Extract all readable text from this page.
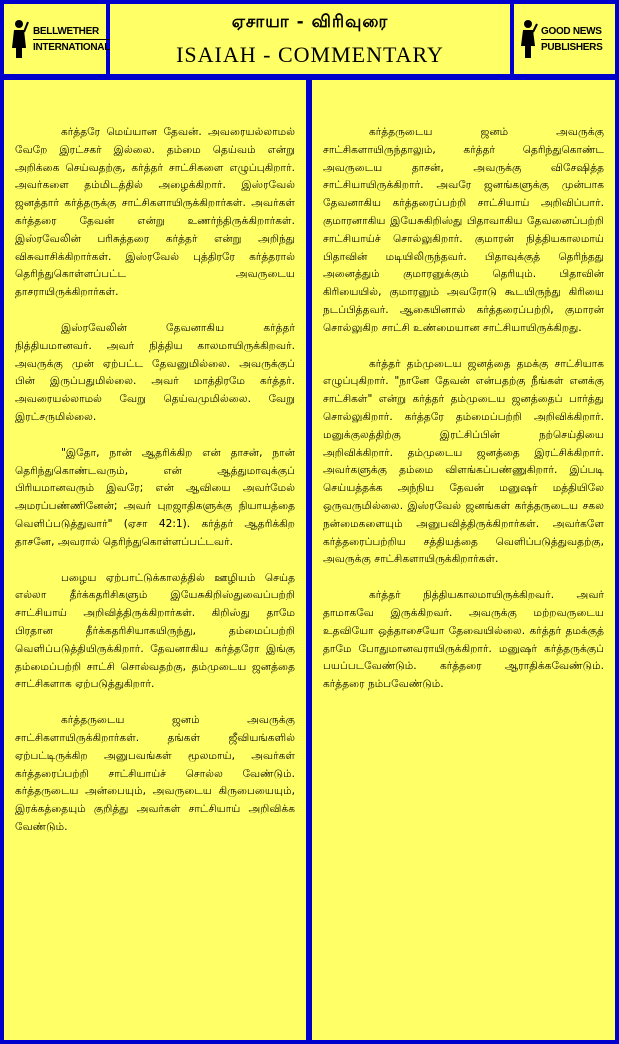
BELLWETHER
INTERNATIONAL
ஏசாயா - விரிவுரை
ISAIAH - COMMENTARY
GOOD NEWS
PUBLISHERS

கர்த்தரே மெய்யான தேவன். அவரையல்லாமல் வேறே இரட்சகர் இல்லை. தம்மை தெய்வம் என்று அறிக்கை செய்வதற்கு, கர்த்தர் சாட்சிகளை எழுப்புகிறார். அவர்களை தம்மிடத்தில் அழைக்கிறார். இஸ்ரவேல் ஜனத்தார் கர்த்தருக்கு சாட்சிகளாயிருக்கிறார்கள். அவர்கள் கர்த்தரை தேவன் என்று உணர்ந்திருக்கிறார்கள். இஸ்ரவேலின் பரிசுத்தரை கர்த்தர் என்று அறிந்து விசுவாசிக்கிறார்கள். இஸ்ரவேல் புத்திரரே கர்த்தரால் தெரிந்துகொள்ளப்பட்ட அவருடைய தாசராயிருக்கிறார்கள்.

இஸ்ரவேலின் தேவனாகிய கர்த்தர் நித்தியமானவர். அவர் நித்திய காலமாயிருக்கிறவர். அவருக்கு முன் ஏற்பட்ட தேவனுமில்லை. அவருக்குப் பின் இருப்பதுமில்லை. அவர் மாத்திரமே கர்த்தர். அவரையல்லாமல் வேறு தெய்வமுமில்லை. வேறு இரட்சருமில்லை.

"இதோ, நான் ஆதரிக்கிற என் தாசன், நான் தெரிந்துகொண்டவரும், என் ஆத்துமாவுக்குப் பிரியமானவரும் இவரே; என் ஆவியை அவர்மேல் அமரப்பண்ணினேன்; அவர் புறஜாதிகளுக்கு நியாயத்தை வெளிப்படுத்துவார்" (ஏசா 42:1). கர்த்தர் ஆதரிக்கிற தாசனே, அவரால் தெரிந்துகொள்ளப்பட்டவர்.

பழைய ஏற்பாட்டுக்காலத்தில் ஊழியம் செய்த எல்லா தீர்க்கதரிசிகளும் இயேசுகிறிஸ்துவைப்பற்றி சாட்சியாய் அறிவித்திருக்கிறார்கள். கிறிஸ்து தாமே பிரதான தீர்க்கதரிசியாகயிருந்து, தம்மைப்பற்றி வெளிப்படுத்தியிருக்கிறார். தேவனாகிய கர்த்தரோ இங்கு தம்மைப்பற்றி சாட்சி சொல்வதற்கு, தம்முடைய ஜனத்தை சாட்சிகளாக ஏற்படுத்துகிறார்.

கர்த்தருடைய ஜனம் அவருக்கு சாட்சிகளாயிருக்கிறார்கள். தங்கள் ஜீவியங்களில் ஏற்பட்டிருக்கிற அனுபவங்கள் மூலமாய், அவர்கள் கர்த்தரைப்பற்றி சாட்சியாய்ச் சொல்ல வேண்டும். கர்த்தருடைய அன்பையும், அவருடைய கிருபையையும், இரக்கத்தையும் குறித்து அவர்கள் சாட்சியாய் அறிவிக்க வேண்டும்.

கர்த்தருடைய ஜனம் அவருக்கு சாட்சிகளாயிருந்தாலும், கர்த்தர் தெரிந்துகொண்ட அவருடைய தாசன், அவருக்கு விசேஷித்த சாட்சியாயிருக்கிறார். அவரே ஜனங்களுக்கு முன்பாக தேவனாகிய கர்த்தரைப்பற்றி சாட்சியாய் அறிவிப்பார். குமாரனாகிய இயேசுகிறிஸ்து பிதாவாகிய தேவனைப்பற்றி சாட்சியாய்ச் சொல்லுகிறார். குமாரன் நித்தியகாலமாய் பிதாவின் மடியிலிருந்தவர். பிதாவுக்குத் தெரிந்தது அனைத்தும் குமாரனுக்கும் தெரியும். பிதாவின் கிரியையில், குமாரனும் அவரோடு கூடயிருந்து கிரியை நடப்பித்தவர். ஆகையினால் கர்த்தரைப்பற்றி, குமாரன் சொல்லுகிற சாட்சி உண்மையான சாட்சியாயிருக்கிறது.

கர்த்தர் தம்முடைய ஜனத்தை தமக்கு சாட்சியாக எழுப்புகிறார். "நானே தேவன் என்பதற்கு நீங்கள் எனக்கு சாட்சிகள்" என்று கர்த்தர் தம்முடைய ஜனத்தைப் பார்த்து சொல்லுகிறார். கர்த்தரே தம்மைப்பற்றி அறிவிக்கிறார். மனுக்குலத்திற்கு இரட்சிப்பின் நற்செய்தியை அறிவிக்கிறார். தம்முடைய ஜனத்தை இரட்சிக்கிறார். அவர்களுக்கு தம்மை விளங்கப்பண்ணுகிறார். இப்படி செய்யத்தக்க அந்நிய தேவன் மனுஷர் மத்தியிலே ஒருவருமில்லை. இஸ்ரவேல் ஜனங்கள் கர்த்தருடைய சகல நன்மைகளையும் அனுபவித்திருக்கிறார்கள். அவர்களே கர்த்தரைப்பற்றிய சத்தியத்தை வெளிப்படுத்துவதற்கு, அவருக்கு சாட்சிகளாயிருக்கிறார்கள்.

கர்த்தர் நித்தியகாலமாயிருக்கிறவர். அவர் தாமாகவே இருக்கிறவர். அவருக்கு மற்றவருடைய உதவியோ ஒத்தாசையோ தேவையில்லை. கர்த்தர் தமக்குத் தாமே போதுமானவராயிருக்கிறார். மனுஷர் கர்த்தருக்குப் பயப்படவேண்டும். கர்த்தரை ஆராதிக்கவேண்டும். கர்த்தரை நம்பவேண்டும்.
